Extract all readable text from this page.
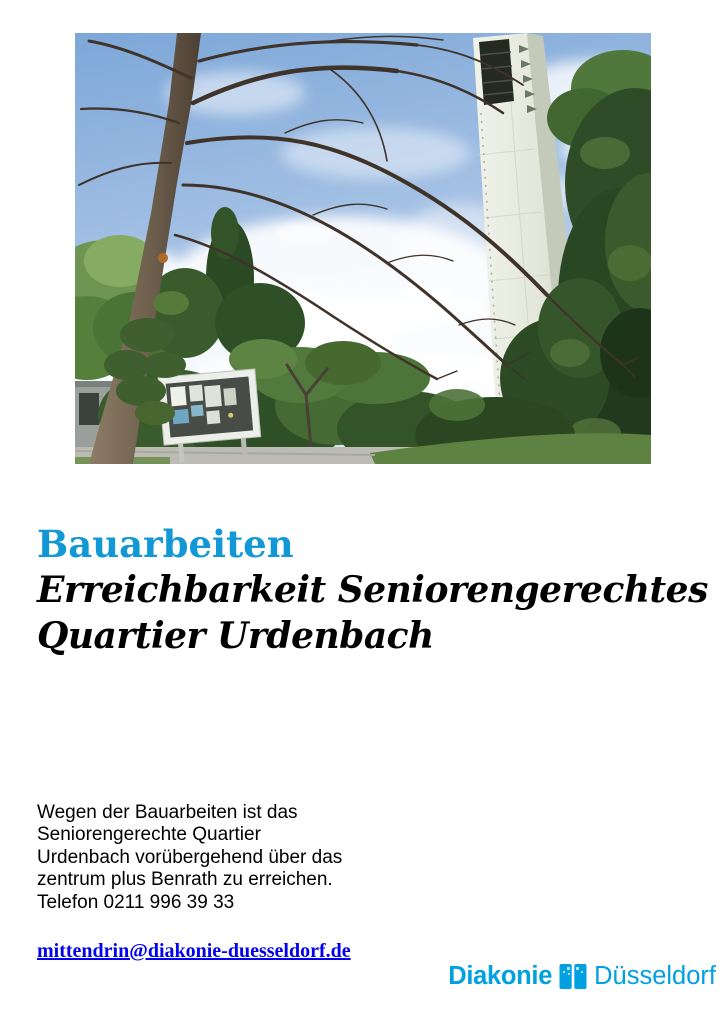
Bauarbeiten
Erreichbarkeit Seniorengerechtes
Quartier Urdenbach
Wegen der Bauarbeiten ist das
Seniorengerechte Quartier
Urdenbach vorübergehend über das
zentrum plus Benrath zu erreichen.
Telefon 0211 996 39 33
mittendrin@diakonie-duesseldorf.de
Diakonie Düsseldorf
